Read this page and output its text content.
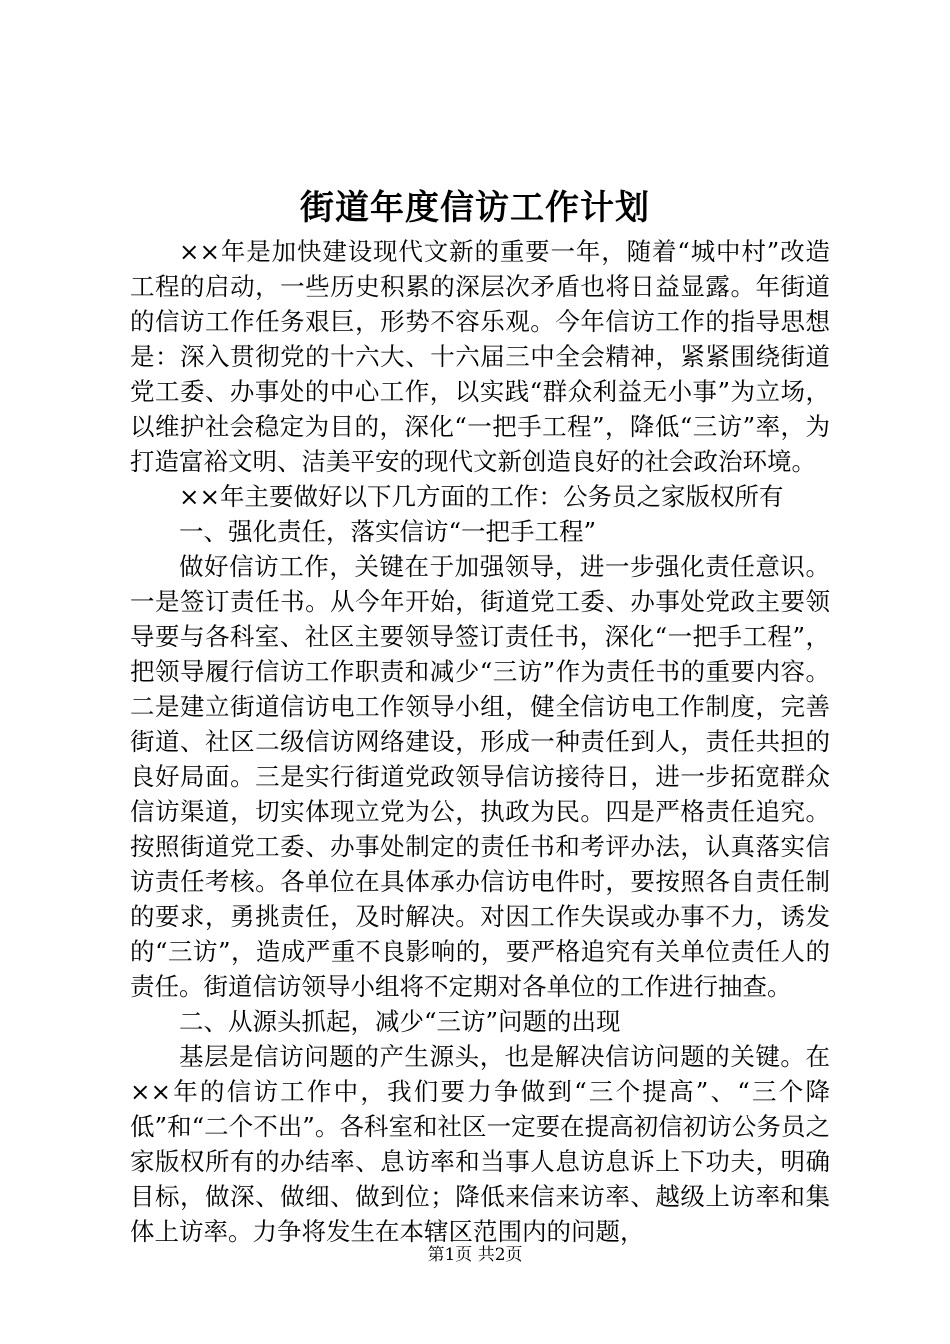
街道年度信访工作计划

××年是加快建设现代文新的重要一年，随着“城中村”改造工程的启动，一些历史积累的深层次矛盾也将日益显露。年街道的信访工作任务艰巨，形势不容乐观。今年信访工作的指导思想是：深入贯彻党的十六大、十六届三中全会精神，紧紧围绕街道党工委、办事处的中心工作，以实践“群众利益无小事”为立场，以维护社会稳定为目的，深化“一把手工程”，降低“三访”率，为打造富裕文明、洁美平安的现代文新创造良好的社会政治环境。

××年主要做好以下几方面的工作：公务员之家版权所有

一、强化责任，落实信访“一把手工程”

做好信访工作，关键在于加强领导，进一步强化责任意识。一是签订责任书。从今年开始，街道党工委、办事处党政主要领导要与各科室、社区主要领导签订责任书，深化“一把手工程”，把领导履行信访工作职责和减少“三访”作为责任书的重要内容。二是建立街道信访电工作领导小组，健全信访电工作制度，完善街道、社区二级信访网络建设，形成一种责任到人，责任共担的良好局面。三是实行街道党政领导信访接待日，进一步拓宽群众信访渠道，切实体现立党为公，执政为民。四是严格责任追究。按照街道党工委、办事处制定的责任书和考评办法，认真落实信访责任考核。各单位在具体承办信访电件时，要按照各自责任制的要求，勇挑责任，及时解决。对因工作失误或办事不力，诱发的“三访”，造成严重不良影响的，要严格追究有关单位责任人的责任。街道信访领导小组将不定期对各单位的工作进行抽查。

二、从源头抓起，减少“三访”问题的出现

基层是信访问题的产生源头，也是解决信访问题的关键。在××年的信访工作中，我们要力争做到“三个提高”、“三个降低”和“二个不出”。各科室和社区一定要在提高初信初访公务员之家版权所有的办结率、息访率和当事人息访息诉上下功夫，明确目标，做深、做细、做到位；降低来信来访率、越级上访率和集体上访率。力争将发生在本辖区范围内的问题，

第1页 共2页
